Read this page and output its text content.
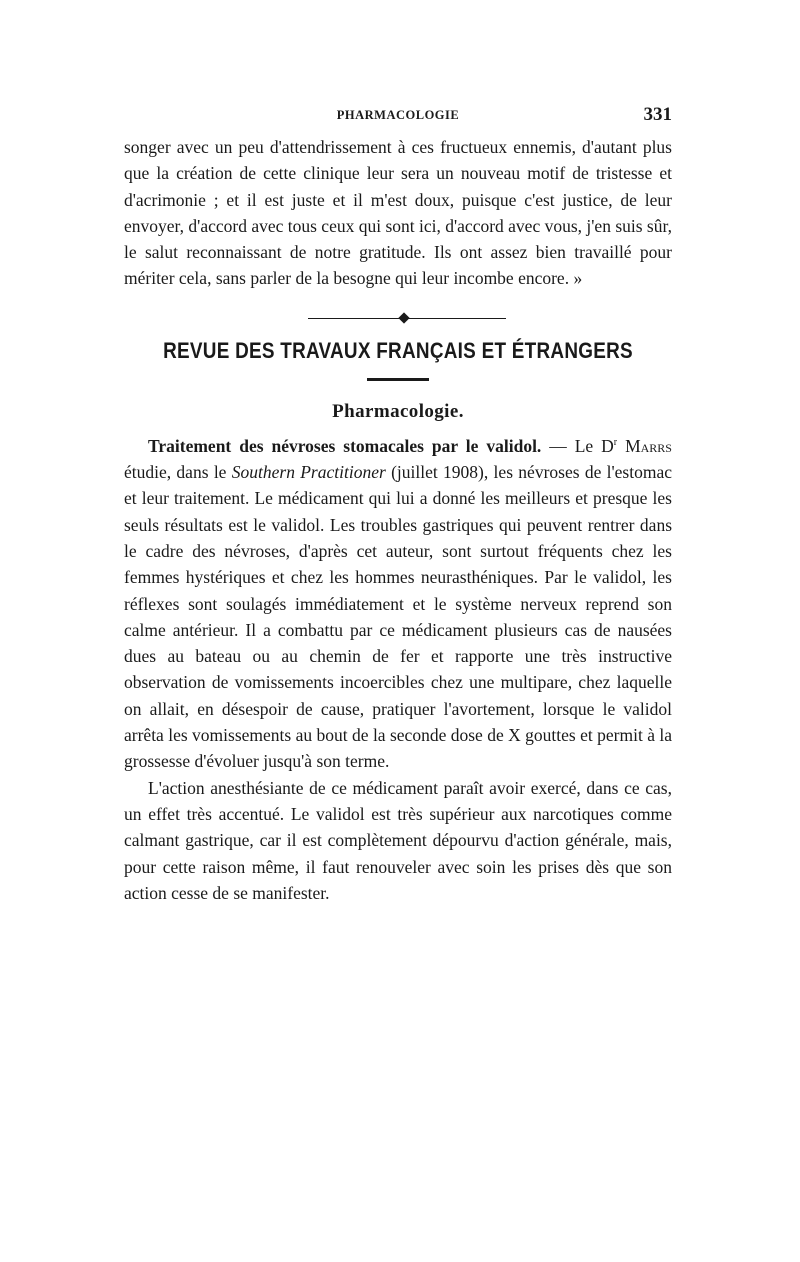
PHARMACOLOGIE	331

songer avec un peu d'attendrissement à ces fructueux ennemis, d'autant plus que la création de cette clinique leur sera un nouveau motif de tristesse et d'acrimonie ; et il est juste et il m'est doux, puisque c'est justice, de leur envoyer, d'accord avec tous ceux qui sont ici, d'accord avec vous, j'en suis sûr, le salut reconnaissant de notre gratitude. Ils ont assez bien travaillé pour mériter cela, sans parler de la besogne qui leur incombe encore. »

REVUE DES TRAVAUX FRANÇAIS ET ÉTRANGERS
Pharmacologie.

Traitement des névroses stomacales par le validol. — Le $D^r$ Marrs étudie, dans le Southern Practitioner (juillet 1908), les névroses de l'estomac et leur traitement. Le médicament qui lui a donné les meilleurs et presque les seuls résultats est le validol. Les troubles gastriques qui peuvent rentrer dans le cadre des névroses, d'après cet auteur, sont surtout fréquents chez les femmes hystériques et chez les hommes neurasthéniques. Par le validol, les réflexes sont soulagés immédiatement et le système nerveux reprend son calme antérieur. Il a combattu par ce médicament plusieurs cas de nausées dues au bateau ou au chemin de fer et rapporte une très instructive observation de vomissements incoercibles chez une multipare, chez laquelle on allait, en désespoir de cause, pratiquer l'avortement, lorsque le validol arrêta les vomissements au bout de la seconde dose de X gouttes et permit à la grossesse d'évoluer jusqu'à son terme.

L'action anesthésiante de ce médicament paraît avoir exercé, dans ce cas, un effet très accentué. Le validol est très supérieur aux narcotiques comme calmant gastrique, car il est complètement dépourvu d'action générale, mais, pour cette raison même, il faut renouveler avec soin les prises dès que son action cesse de se manifester.
